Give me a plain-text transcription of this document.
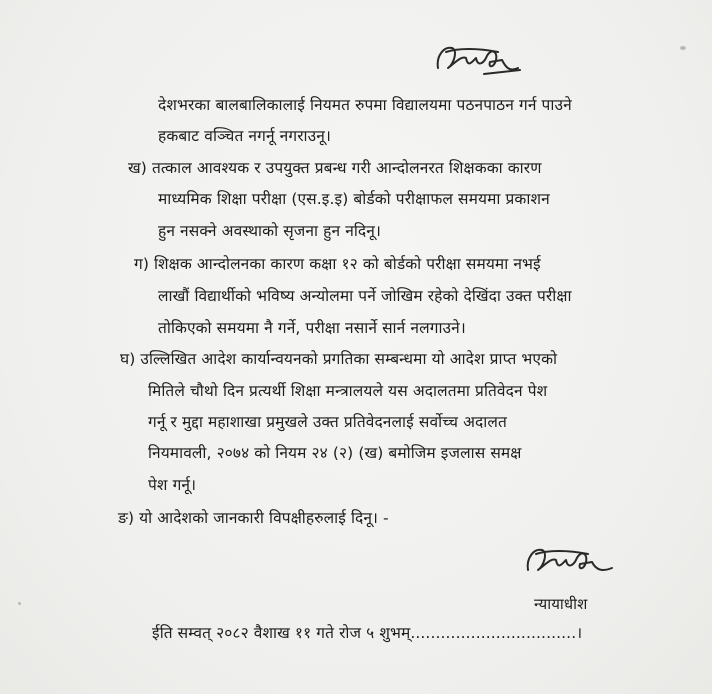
देशभरका बालबालिकालाई नियमत रुपमा विद्यालयमा पठनपाठन गर्न पाउने
हकबाट वञ्चित नगर्नू नगराउनू।
ख) तत्काल आवश्यक र उपयुक्त प्रबन्ध गरी आन्दोलनरत शिक्षकका कारण
माध्यमिक शिक्षा परीक्षा (एस.इ.इ) बोर्डको परीक्षाफल समयमा प्रकाशन
हुन नसक्ने अवस्थाको सृजना हुन नदिनू।
ग) शिक्षक आन्दोलनका कारण कक्षा १२ को बोर्डको परीक्षा समयमा नभई
लाखौं विद्यार्थीको भविष्य अन्योलमा पर्ने जोखिम रहेको देखिंदा उक्त परीक्षा
तोकिएको समयमा नै गर्ने, परीक्षा नसार्ने सार्न नलगाउने।
घ) उल्लिखित आदेश कार्यान्वयनको प्रगतिका सम्बन्धमा यो आदेश प्राप्त भएको
मितिले चौथो दिन प्रत्यर्थी शिक्षा मन्त्रालयले यस अदालतमा प्रतिवेदन पेश
गर्नू र मुद्दा महाशाखा प्रमुखले उक्त प्रतिवेदनलाई सर्वोच्च अदालत
नियमावली, २०७४ को नियम २४ (२) (ख) बमोजिम इजलास समक्ष
पेश गर्नू।
ङ) यो आदेशको जानकारी विपक्षीहरुलाई दिनू। -
न्यायाधीश
ईति सम्वत् २०८२ वैशाख ११ गते रोज ५ शुभम्.................................।
